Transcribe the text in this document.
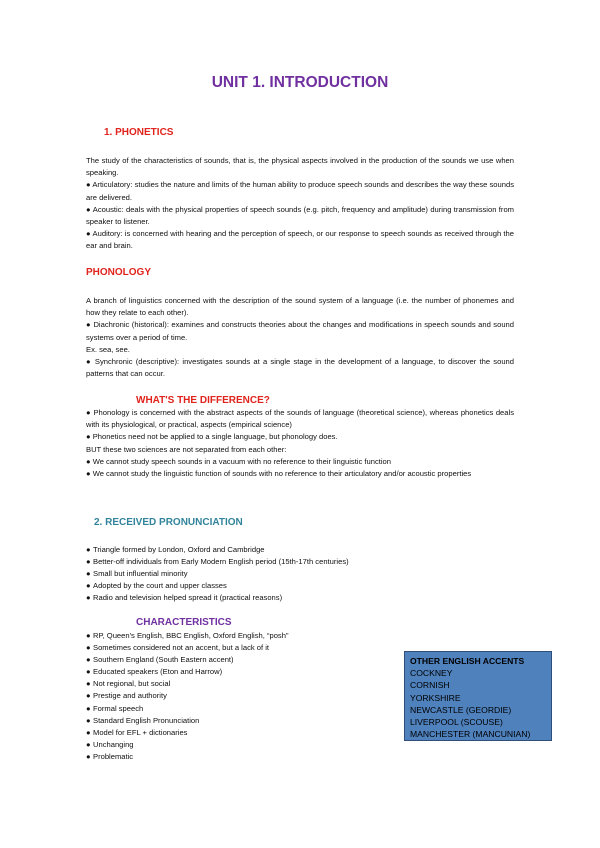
UNIT 1. INTRODUCTION
1. PHONETICS

The study of the characteristics of sounds, that is, the physical aspects involved in the production of the sounds we use when speaking.

● Articulatory: studies the nature and limits of the human ability to produce speech sounds and describes the way these sounds are delivered.

● Acoustic: deals with the physical properties of speech sounds (e.g. pitch, frequency and amplitude) during transmission from speaker to listener.

● Auditory: is concerned with hearing and the perception of speech, or our response to speech sounds as received through the ear and brain.

PHONOLOGY

A branch of linguistics concerned with the description of the sound system of a language (i.e. the number of phonemes and how they relate to each other).

● Diachronic (historical): examines and constructs theories about the changes and modifications in speech sounds and sound systems over a period of time.

Ex. sea, see.

● Synchronic (descriptive): investigates sounds at a single stage in the development of a language, to discover the sound patterns that can occur.

WHAT'S THE DIFFERENCE?

● Phonology is concerned with the abstract aspects of the sounds of language (theoretical science), whereas phonetics deals with its physiological, or practical, aspects (empirical science)

● Phonetics need not be applied to a single language, but phonology does.

BUT these two sciences are not separated from each other:

● We cannot study speech sounds in a vacuum with no reference to their linguistic function

● We cannot study the linguistic function of sounds with no reference to their articulatory and/or acoustic properties

2. RECEIVED PRONUNCIATION
● Triangle formed by London, Oxford and Cambridge
● Better-off individuals from Early Modern English period (15th-17th centuries)
● Small but influential minority
● Adopted by the court and upper classes
● Radio and television helped spread it (practical reasons)
CHARACTERISTICS
● RP, Queen's English, BBC English, Oxford English, “posh”
● Sometimes considered not an accent, but a lack of it
● Southern England (South Eastern accent)
● Educated speakers (Eton and Harrow)
● Not regional, but social
● Prestige and authority
● Formal speech
● Standard English Pronunciation
● Model for EFL + dictionaries
● Unchanging
● Problematic
OTHER ENGLISH ACCENTS
COCKNEY
CORNISH
YORKSHIRE
NEWCASTLE (GEORDIE)
LIVERPOOL (SCOUSE)
MANCHESTER (MANCUNIAN)
